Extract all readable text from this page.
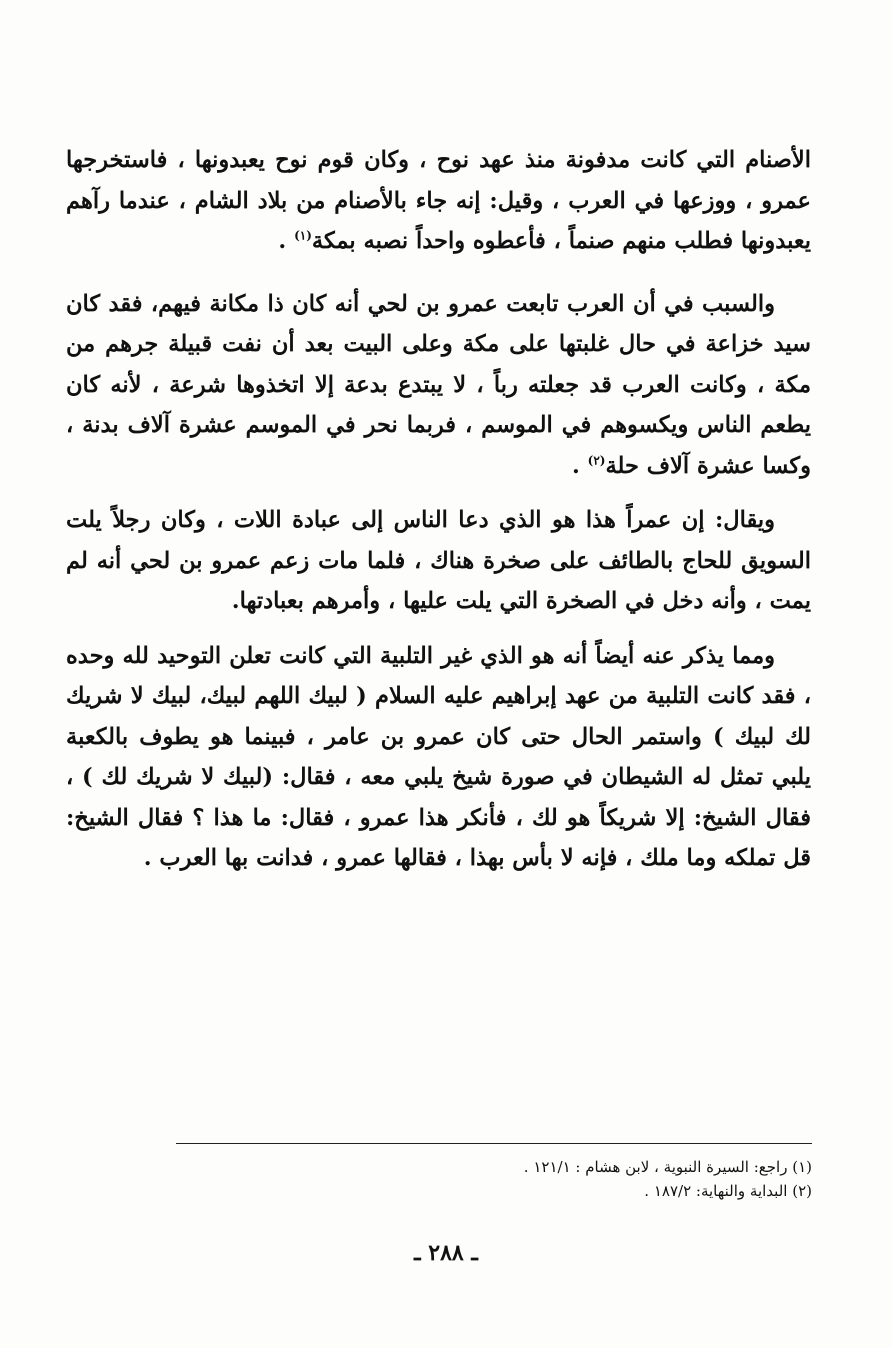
الأصنام التي كانت مدفونة منذ عهد نوح ، وكان قوم نوح يعبدونها ، فاستخرجها عمرو ، ووزعها في العرب ، وقيل: إنه جاء بالأصنام من بلاد الشام ، عندما رآهم يعبدونها فطلب منهم صنماً ، فأعطوه واحداً نصبه بمكة$^{(١)}$ .

والسبب في أن العرب تابعت عمرو بن لحي أنه كان ذا مكانة فيهم، فقد كان سيد خزاعة في حال غلبتها على مكة وعلى البيت بعد أن نفت قبيلة جرهم من مكة ، وكانت العرب قد جعلته رباً ، لا يبتدع بدعة إلا اتخذوها شرعة ، لأنه كان يطعم الناس ويكسوهم في الموسم ، فربما نحر في الموسم عشرة آلاف بدنة ، وكسا عشرة آلاف حلة$^{(٢)}$ .

ويقال: إن عمراً هذا هو الذي دعا الناس إلى عبادة اللات ، وكان رجلاً يلت السويق للحاج بالطائف على صخرة هناك ، فلما مات زعم عمرو بن لحي أنه لم يمت ، وأنه دخل في الصخرة التي يلت عليها ، وأمرهم بعبادتها.

ومما يذكر عنه أيضاً أنه هو الذي غير التلبية التي كانت تعلن التوحيد لله وحده ، فقد كانت التلبية من عهد إبراهيم عليه السلام ( لبيك اللهم لبيك، لبيك لا شريك لك لبيك ) واستمر الحال حتى كان عمرو بن عامر ، فبينما هو يطوف بالكعبة يلبي تمثل له الشيطان في صورة شيخ يلبي معه ، فقال: (لبيك لا شريك لك ) ، فقال الشيخ: إلا شريكاً هو لك ، فأنكر هذا عمرو ، فقال: ما هذا ؟ فقال الشيخ: قل تملكه وما ملك ، فإنه لا بأس بهذا ، فقالها عمرو ، فدانت بها العرب .

(١) راجع: السيرة النبوية ، لابن هشام : ١٢١/١ .

(٢) البداية والنهاية: ١٨٧/٢ .

ـ ٢٨٨ ـ
